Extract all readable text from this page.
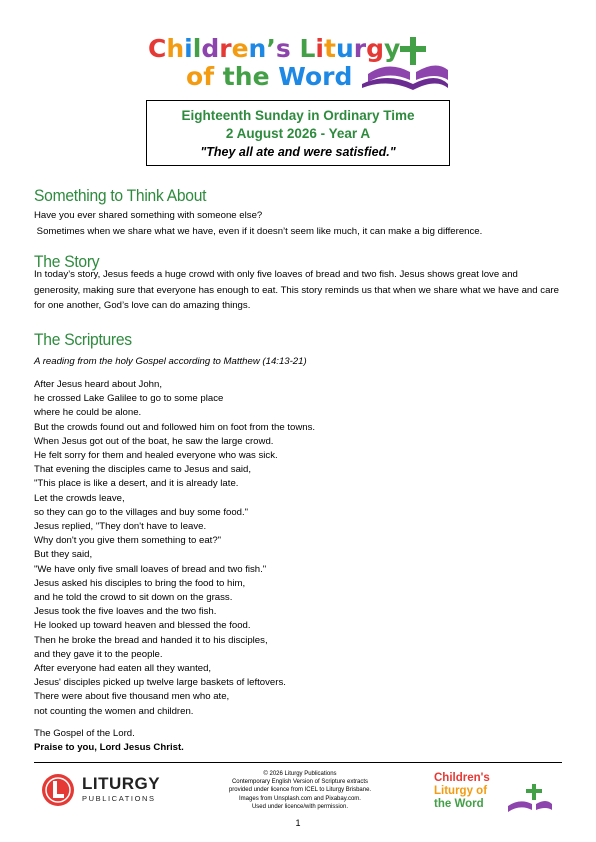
Children’s Liturgy
of the Word
Eighteenth Sunday in Ordinary Time
2 August 2026 - Year A
"They all ate and were satisfied."
Something to Think About
Have you ever shared something with someone else?
Sometimes when we share what we have, even if it doesn’t seem like much, it can make a big difference.
The Story
In today’s story, Jesus feeds a huge crowd with only five loaves of bread and two fish. Jesus shows great love and generosity, making sure that everyone has enough to eat. This story reminds us that when we share what we have and care for one another, God’s love can do amazing things.
The Scriptures
A reading from the holy Gospel according to Matthew (14:13-21)
After Jesus heard about John,
he crossed Lake Galilee to go to some place
where he could be alone.
But the crowds found out and followed him on foot from the towns.
When Jesus got out of the boat, he saw the large crowd.
He felt sorry for them and healed everyone who was sick.
That evening the disciples came to Jesus and said,
"This place is like a desert, and it is already late.
Let the crowds leave,
so they can go to the villages and buy some food."
Jesus replied, "They don't have to leave.
Why don't you give them something to eat?"
But they said,
"We have only five small loaves of bread and two fish."
Jesus asked his disciples to bring the food to him,
and he told the crowd to sit down on the grass.
Jesus took the five loaves and the two fish.
He looked up toward heaven and blessed the food.
Then he broke the bread and handed it to his disciples,
and they gave it to the people.
After everyone had eaten all they wanted,
Jesus' disciples picked up twelve large baskets of leftovers.
There were about five thousand men who ate,
not counting the women and children.
The Gospel of the Lord.
Praise to you, Lord Jesus Christ.
LITURGY
PUBLICATIONS
© 2026 Liturgy Publications
Contemporary English Version of Scripture extracts
provided under licence from ICEL to Liturgy Brisbane.
Images from Unsplash.com and Pixabay.com.
Used under licence/with permission.
Children's
Liturgy of
the Word
1
